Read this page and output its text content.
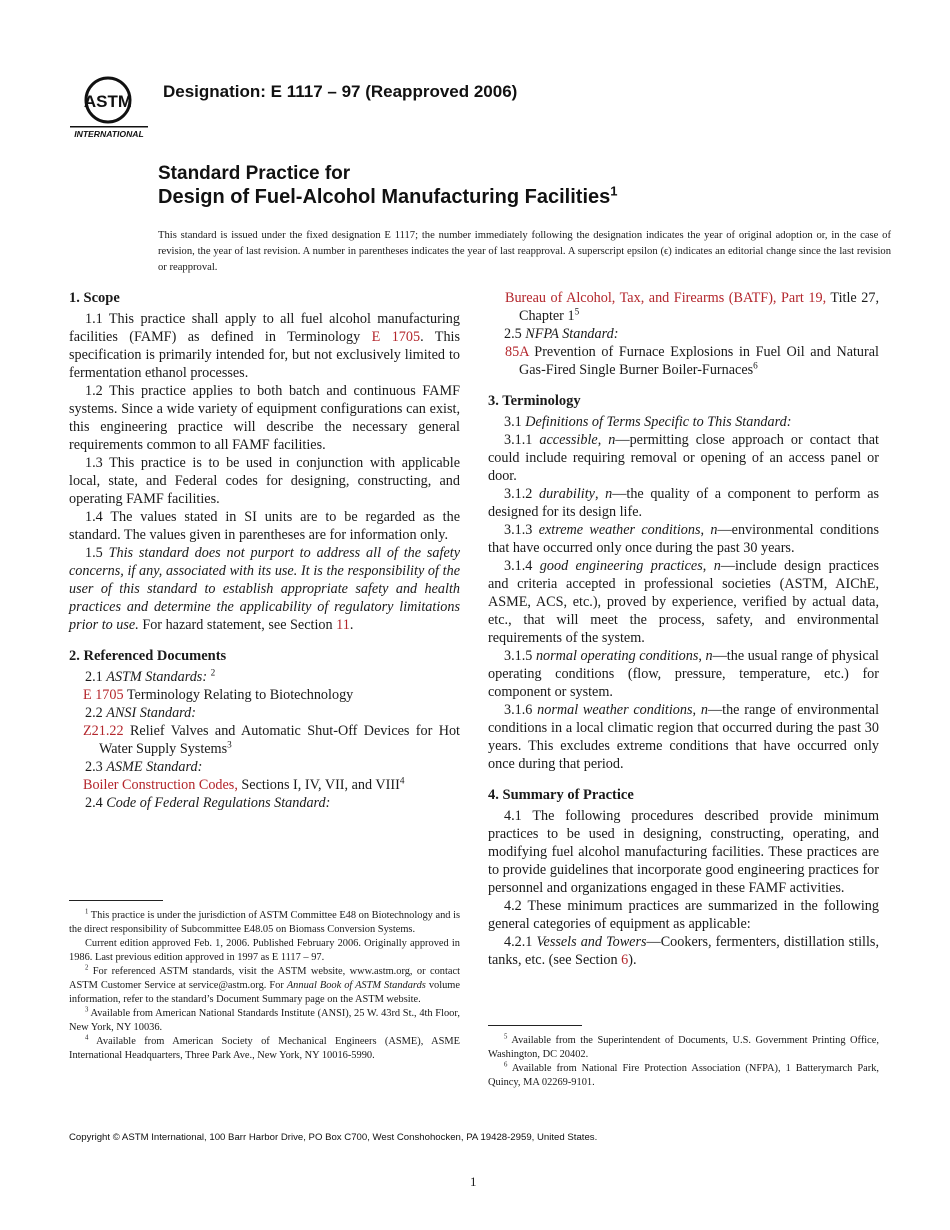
ASTM
INTERNATIONAL
Designation: E 1117 – 97 (Reapproved 2006)
Standard Practice for
Design of Fuel-Alcohol Manufacturing Facilities$^1$
This standard is issued under the fixed designation E 1117; the number immediately following the designation indicates the year of original adoption or, in the case of revision, the year of last revision. A number in parentheses indicates the year of last reapproval. A superscript epsilon (ϵ) indicates an editorial change since the last revision or reapproval.

1. Scope

1.1 This practice shall apply to all fuel alcohol manufacturing facilities (FAMF) as defined in Terminology E 1705. This specification is primarily intended for, but not exclusively limited to fermentation ethanol processes.

1.2 This practice applies to both batch and continuous FAMF systems. Since a wide variety of equipment configurations can exist, this engineering practice will describe the necessary general requirements common to all FAMF facilities.

1.3 This practice is to be used in conjunction with applicable local, state, and Federal codes for designing, constructing, and operating FAMF facilities.

1.4 The values stated in SI units are to be regarded as the standard. The values given in parentheses are for information only.

1.5 This standard does not purport to address all of the safety concerns, if any, associated with its use. It is the responsibility of the user of this standard to establish appropriate safety and health practices and determine the applicability of regulatory limitations prior to use. For hazard statement, see Section 11.

2. Referenced Documents

2.1 ASTM Standards: $^2$

E 1705 Terminology Relating to Biotechnology

2.2 ANSI Standard:

Z21.22 Relief Valves and Automatic Shut-Off Devices for Hot Water Supply Systems$^3$

2.3 ASME Standard:

Boiler Construction Codes, Sections I, IV, VII, and VIII$^4$

2.4 Code of Federal Regulations Standard:

$^1$ This practice is under the jurisdiction of ASTM Committee E48 on Biotechnology and is the direct responsibility of Subcommittee E48.05 on Biomass Conversion Systems.

Current edition approved Feb. 1, 2006. Published February 2006. Originally approved in 1986. Last previous edition approved in 1997 as E 1117 – 97.

$^2$ For referenced ASTM standards, visit the ASTM website, www.astm.org, or contact ASTM Customer Service at service@astm.org. For Annual Book of ASTM Standards volume information, refer to the standard’s Document Summary page on the ASTM website.

$^3$ Available from American National Standards Institute (ANSI), 25 W. 43rd St., 4th Floor, New York, NY 10036.

$^4$ Available from American Society of Mechanical Engineers (ASME), ASME International Headquarters, Three Park Ave., New York, NY 10016-5990.

Bureau of Alcohol, Tax, and Firearms (BATF), Part 19, Title 27, Chapter $1^5$

2.5 NFPA Standard:

85A Prevention of Furnace Explosions in Fuel Oil and Natural Gas-Fired Single Burner Boiler-Furnaces$^6$

3. Terminology

3.1 Definitions of Terms Specific to This Standard:

3.1.1 accessible, n—permitting close approach or contact that could include requiring removal or opening of an access panel or door.

3.1.2 durability, n—the quality of a component to perform as designed for its design life.

3.1.3 extreme weather conditions, n—environmental conditions that have occurred only once during the past 30 years.

3.1.4 good engineering practices, n—include design practices and criteria accepted in professional societies (ASTM, AIChE, ASME, ACS, etc.), proved by experience, verified by actual data, etc., that will meet the process, safety, and environmental requirements of the system.

3.1.5 normal operating conditions, n—the usual range of physical operating conditions (flow, pressure, temperature, etc.) for component or system.

3.1.6 normal weather conditions, n—the range of environmental conditions in a local climatic region that occurred during the past 30 years. This excludes extreme conditions that have occurred only once during that period.

4. Summary of Practice

4.1 The following procedures described provide minimum practices to be used in designing, constructing, operating, and modifying fuel alcohol manufacturing facilities. These practices are to provide guidelines that incorporate good engineering practices for personnel and organizations engaged in these FAMF activities.

4.2 These minimum practices are summarized in the following general categories of equipment as applicable:

4.2.1 Vessels and Towers—Cookers, fermenters, distillation stills, tanks, etc. (see Section 6).

$^5$ Available from the Superintendent of Documents, U.S. Government Printing Office, Washington, DC 20402.

$^6$ Available from National Fire Protection Association (NFPA), 1 Batterymarch Park, Quincy, MA 02269-9101.

Copyright © ASTM International, 100 Barr Harbor Drive, PO Box C700, West Conshohocken, PA 19428-2959, United States.
1
